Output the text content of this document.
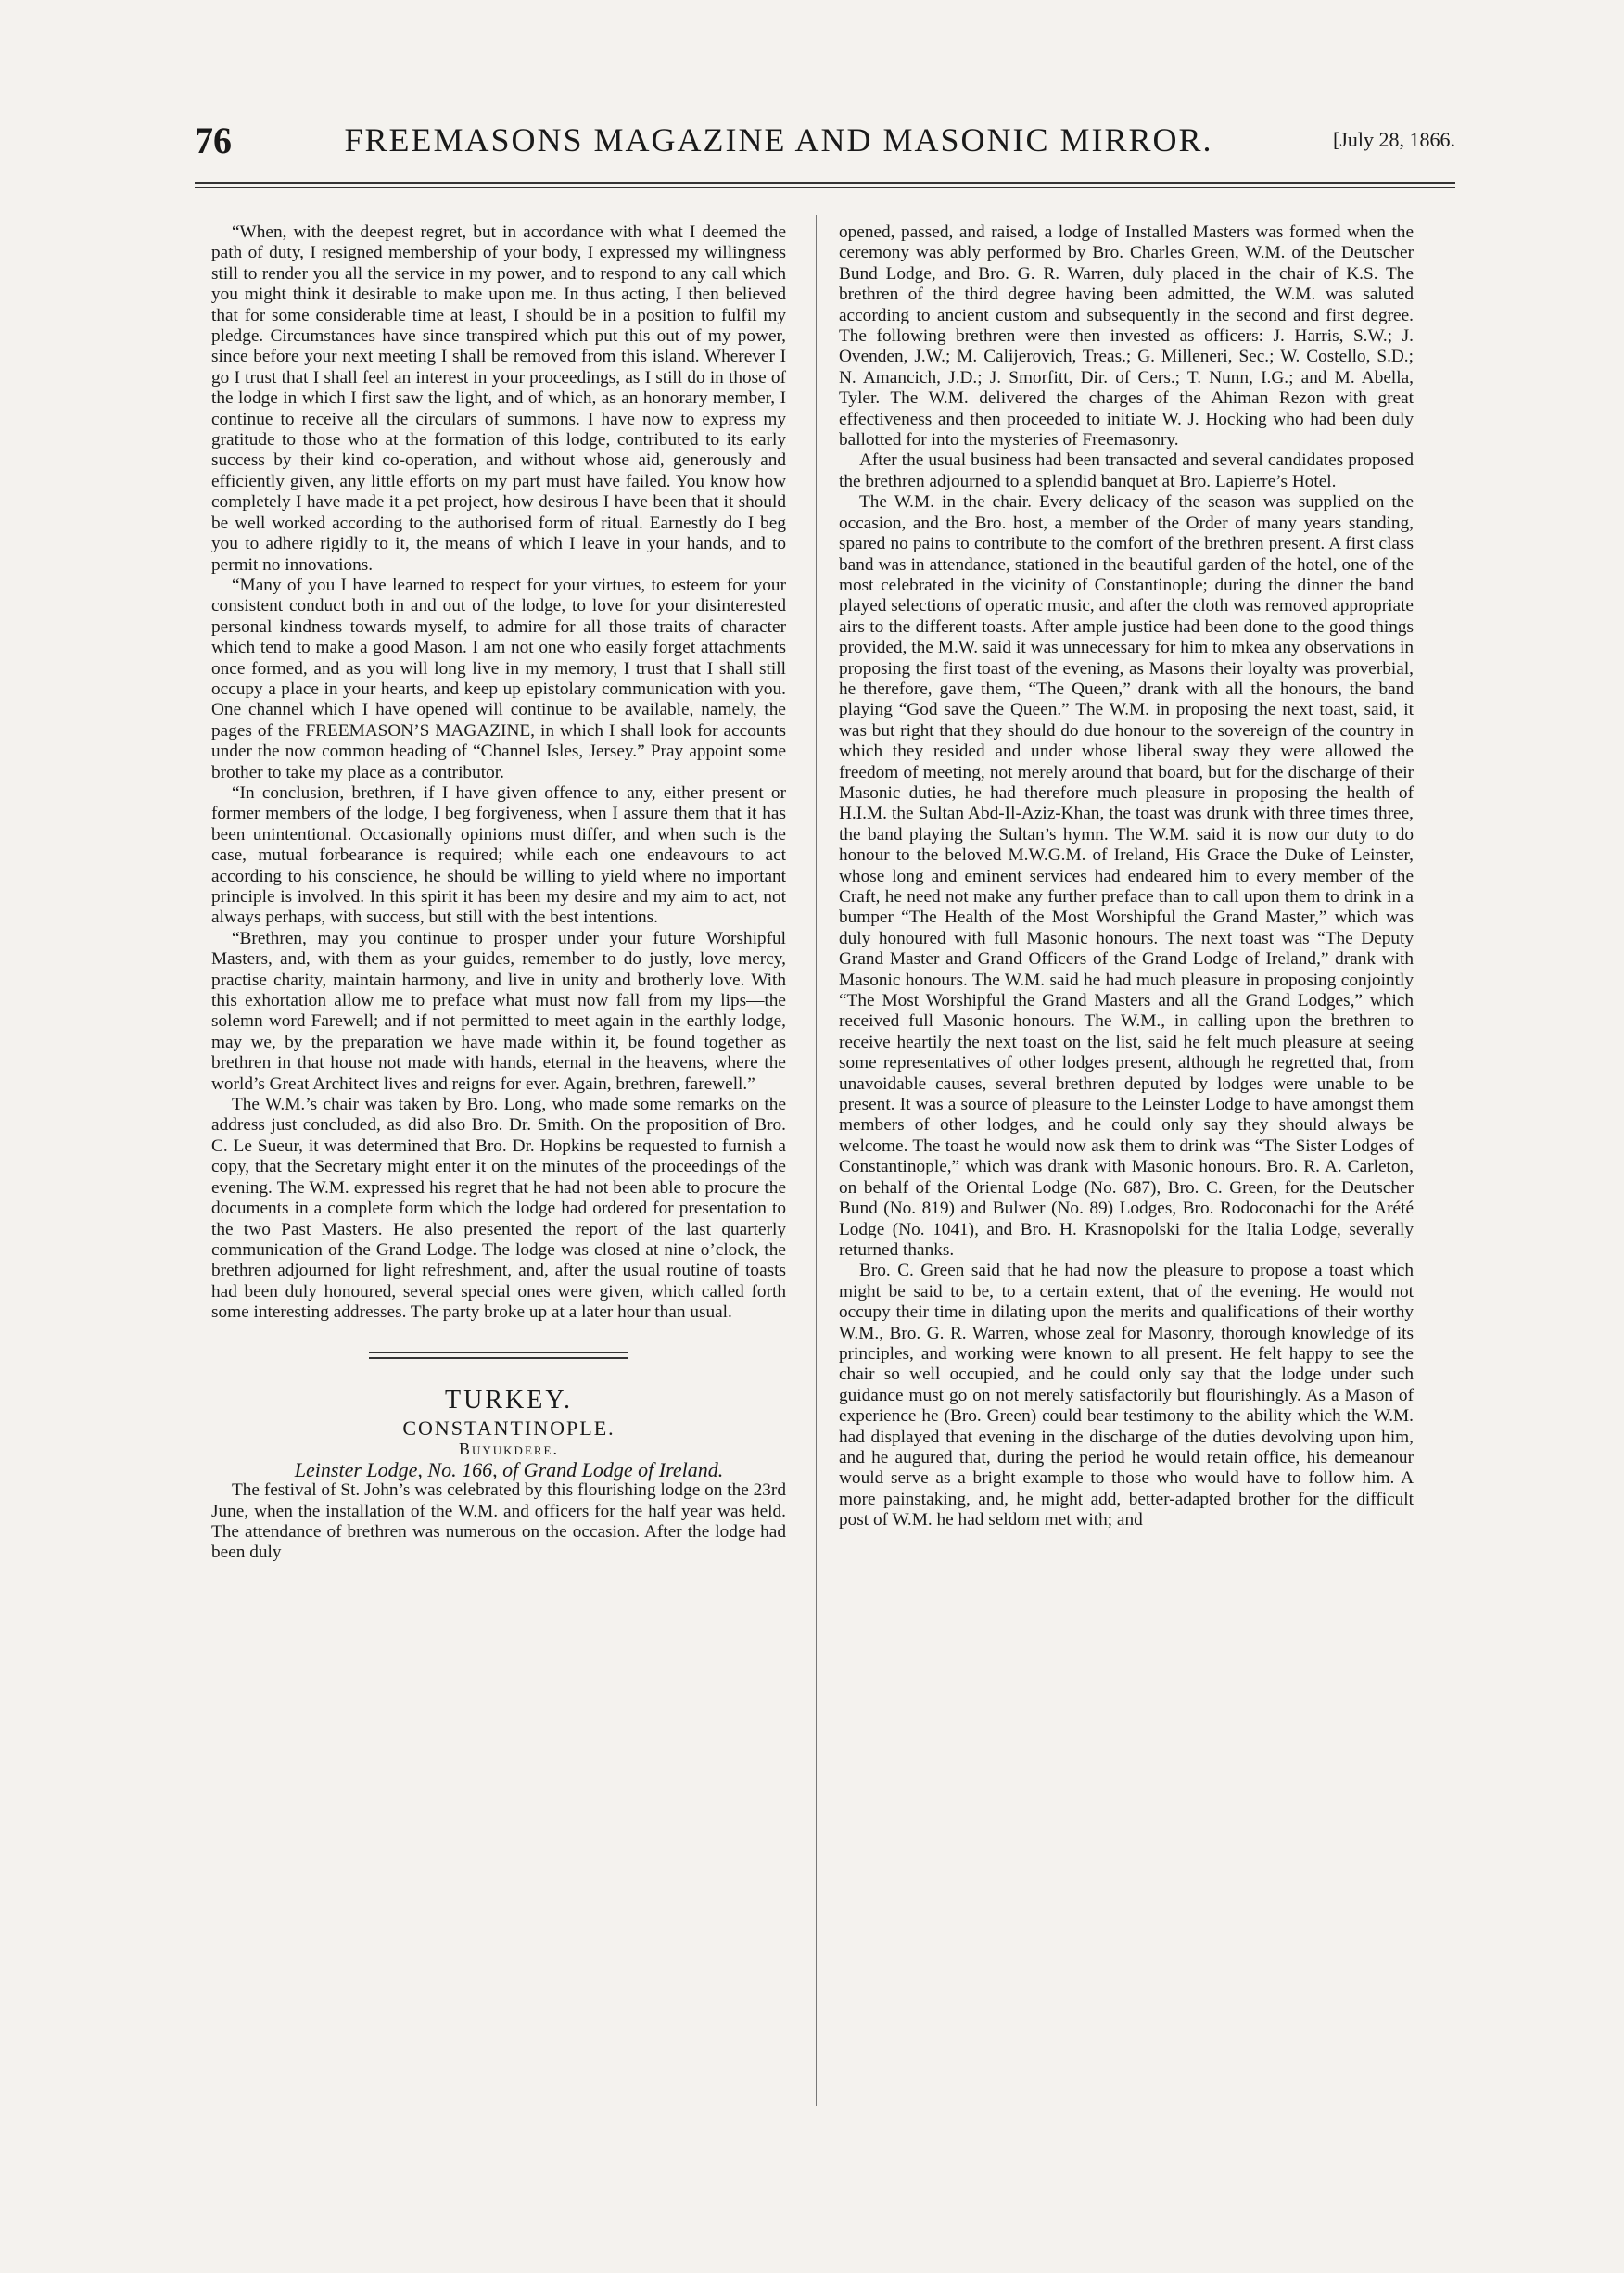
76	FREEMASONS MAGAZINE AND MASONIC MIRROR.	[July 28, 1866.

“When, with the deepest regret, but in accordance with what I deemed the path of duty, I resigned membership of your body, I expressed my willingness still to render you all the service in my power, and to respond to any call which you might think it desirable to make upon me. In thus acting, I then believed that for some considerable time at least, I should be in a position to fulfil my pledge. Circumstances have since transpired which put this out of my power, since before your next meeting I shall be removed from this island. Wherever I go I trust that I shall feel an interest in your proceedings, as I still do in those of the lodge in which I first saw the light, and of which, as an honorary member, I continue to receive all the circulars of summons. I have now to express my gratitude to those who at the formation of this lodge, contributed to its early success by their kind co-operation, and without whose aid, generously and efficiently given, any little efforts on my part must have failed. You know how completely I have made it a pet project, how desirous I have been that it should be well worked according to the authorised form of ritual. Earnestly do I beg you to adhere rigidly to it, the means of which I leave in your hands, and to permit no innovations.

“Many of you I have learned to respect for your virtues, to esteem for your consistent conduct both in and out of the lodge, to love for your disinterested personal kindness towards myself, to admire for all those traits of character which tend to make a good Mason. I am not one who easily forget attachments once formed, and as you will long live in my memory, I trust that I shall still occupy a place in your hearts, and keep up epistolary communication with you. One channel which I have opened will continue to be available, namely, the pages of the FREEMASON’S MAGAZINE, in which I shall look for accounts under the now common heading of “Channel Isles, Jersey.” Pray appoint some brother to take my place as a contributor.

“In conclusion, brethren, if I have given offence to any, either present or former members of the lodge, I beg forgiveness, when I assure them that it has been unintentional. Occasionally opinions must differ, and when such is the case, mutual forbearance is required; while each one endeavours to act according to his conscience, he should be willing to yield where no important principle is involved. In this spirit it has been my desire and my aim to act, not always perhaps, with success, but still with the best intentions.

“Brethren, may you continue to prosper under your future Worshipful Masters, and, with them as your guides, remember to do justly, love mercy, practise charity, maintain harmony, and live in unity and brotherly love. With this exhortation allow me to preface what must now fall from my lips—the solemn word Farewell; and if not permitted to meet again in the earthly lodge, may we, by the preparation we have made within it, be found together as brethren in that house not made with hands, eternal in the heavens, where the world’s Great Architect lives and reigns for ever. Again, brethren, farewell.”

The W.M.’s chair was taken by Bro. Long, who made some remarks on the address just concluded, as did also Bro. Dr. Smith. On the proposition of Bro. C. Le Sueur, it was determined that Bro. Dr. Hopkins be requested to furnish a copy, that the Secretary might enter it on the minutes of the proceedings of the evening. The W.M. expressed his regret that he had not been able to procure the documents in a complete form which the lodge had ordered for presentation to the two Past Masters. He also presented the report of the last quarterly communication of the Grand Lodge. The lodge was closed at nine o’clock, the brethren adjourned for light refreshment, and, after the usual routine of toasts had been duly honoured, several special ones were given, which called forth some interesting addresses. The party broke up at a later hour than usual.

TURKEY.

CONSTANTINOPLE.

Buyukdere.

Leinster Lodge, No. 166, of Grand Lodge of Ireland.

The festival of St. John’s was celebrated by this flourishing lodge on the 23rd June, when the installation of the W.M. and officers for the half year was held. The attendance of brethren was numerous on the occasion. After the lodge had been duly

opened, passed, and raised, a lodge of Installed Masters was formed when the ceremony was ably performed by Bro. Charles Green, W.M. of the Deutscher Bund Lodge, and Bro. G. R. Warren, duly placed in the chair of K.S. The brethren of the third degree having been admitted, the W.M. was saluted according to ancient custom and subsequently in the second and first degree. The following brethren were then invested as officers: J. Harris, S.W.; J. Ovenden, J.W.; M. Calijerovich, Treas.; G. Milleneri, Sec.; W. Costello, S.D.; N. Amancich, J.D.; J. Smorfitt, Dir. of Cers.; T. Nunn, I.G.; and M. Abella, Tyler. The W.M. delivered the charges of the Ahiman Rezon with great effectiveness and then proceeded to initiate W. J. Hocking who had been duly ballotted for into the mysteries of Freemasonry.

After the usual business had been transacted and several candidates proposed the brethren adjourned to a splendid banquet at Bro. Lapierre’s Hotel.

The W.M. in the chair. Every delicacy of the season was supplied on the occasion, and the Bro. host, a member of the Order of many years standing, spared no pains to contribute to the comfort of the brethren present. A first class band was in attendance, stationed in the beautiful garden of the hotel, one of the most celebrated in the vicinity of Constantinople; during the dinner the band played selections of operatic music, and after the cloth was removed appropriate airs to the different toasts. After ample justice had been done to the good things provided, the M.W. said it was unnecessary for him to mkea any observations in proposing the first toast of the evening, as Masons their loyalty was proverbial, he therefore, gave them, “The Queen,” drank with all the honours, the band playing “God save the Queen.” The W.M. in proposing the next toast, said, it was but right that they should do due honour to the sovereign of the country in which they resided and under whose liberal sway they were allowed the freedom of meeting, not merely around that board, but for the discharge of their Masonic duties, he had therefore much pleasure in proposing the health of H.I.M. the Sultan Abd-Il-Aziz-Khan, the toast was drunk with three times three, the band playing the Sultan’s hymn. The W.M. said it is now our duty to do honour to the beloved M.W.G.M. of Ireland, His Grace the Duke of Leinster, whose long and eminent services had endeared him to every member of the Craft, he need not make any further preface than to call upon them to drink in a bumper “The Health of the Most Worshipful the Grand Master,” which was duly honoured with full Masonic honours. The next toast was “The Deputy Grand Master and Grand Officers of the Grand Lodge of Ireland,” drank with Masonic honours. The W.M. said he had much pleasure in proposing conjointly “The Most Worshipful the Grand Masters and all the Grand Lodges,” which received full Masonic honours. The W.M., in calling upon the brethren to receive heartily the next toast on the list, said he felt much pleasure at seeing some representatives of other lodges present, although he regretted that, from unavoidable causes, several brethren deputed by lodges were unable to be present. It was a source of pleasure to the Leinster Lodge to have amongst them members of other lodges, and he could only say they should always be welcome. The toast he would now ask them to drink was “The Sister Lodges of Constantinople,” which was drank with Masonic honours. Bro. R. A. Carleton, on behalf of the Oriental Lodge (No. 687), Bro. C. Green, for the Deutscher Bund (No. 819) and Bulwer (No. 89) Lodges, Bro. Rodoconachi for the Arété Lodge (No. 1041), and Bro. H. Krasnopolski for the Italia Lodge, severally returned thanks.

Bro. C. Green said that he had now the pleasure to propose a toast which might be said to be, to a certain extent, that of the evening. He would not occupy their time in dilating upon the merits and qualifications of their worthy W.M., Bro. G. R. Warren, whose zeal for Masonry, thorough knowledge of its principles, and working were known to all present. He felt happy to see the chair so well occupied, and he could only say that the lodge under such guidance must go on not merely satisfactorily but flourishingly. As a Mason of experience he (Bro. Green) could bear testimony to the ability which the W.M. had displayed that evening in the discharge of the duties devolving upon him, and he augured that, during the period he would retain office, his demeanour would serve as a bright example to those who would have to follow him. A more painstaking, and, he might add, better-adapted brother for the difficult post of W.M. he had seldom met with; and
